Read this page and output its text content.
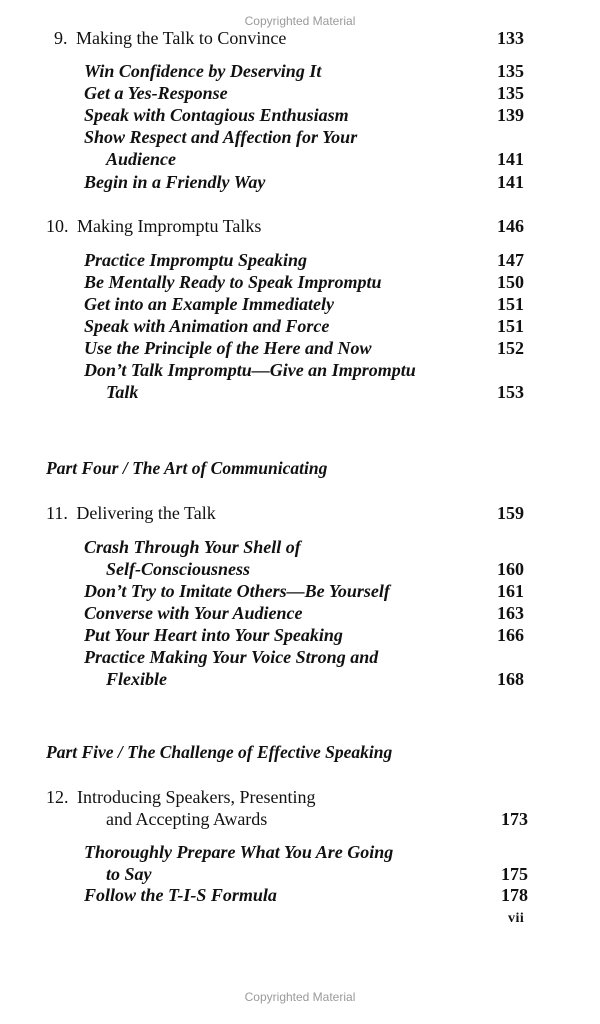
Copyrighted Material
9. Making the Talk to Convince	133
Win Confidence by Deserving It	135
Get a Yes-Response	135
Speak with Contagious Enthusiasm	139
Show Respect and Affection for Your
Audience	141
Begin in a Friendly Way	141
10. Making Impromptu Talks	146
Practice Impromptu Speaking	147
Be Mentally Ready to Speak Impromptu	150
Get into an Example Immediately	151
Speak with Animation and Force	151
Use the Principle of the Here and Now	152
Don’t Talk Impromptu—Give an Impromptu
Talk	153
Part Four / The Art of Communicating
11. Delivering the Talk	159
Crash Through Your Shell of
Self-Consciousness	160
Don’t Try to Imitate Others—Be Yourself	161
Converse with Your Audience	163
Put Your Heart into Your Speaking	166
Practice Making Your Voice Strong and
Flexible	168
Part Five / The Challenge of Effective Speaking
12. Introducing Speakers, Presenting
and Accepting Awards	173
Thoroughly Prepare What You Are Going
to Say	175
Follow the T-I-S Formula	178
vii
Copyrighted Material
